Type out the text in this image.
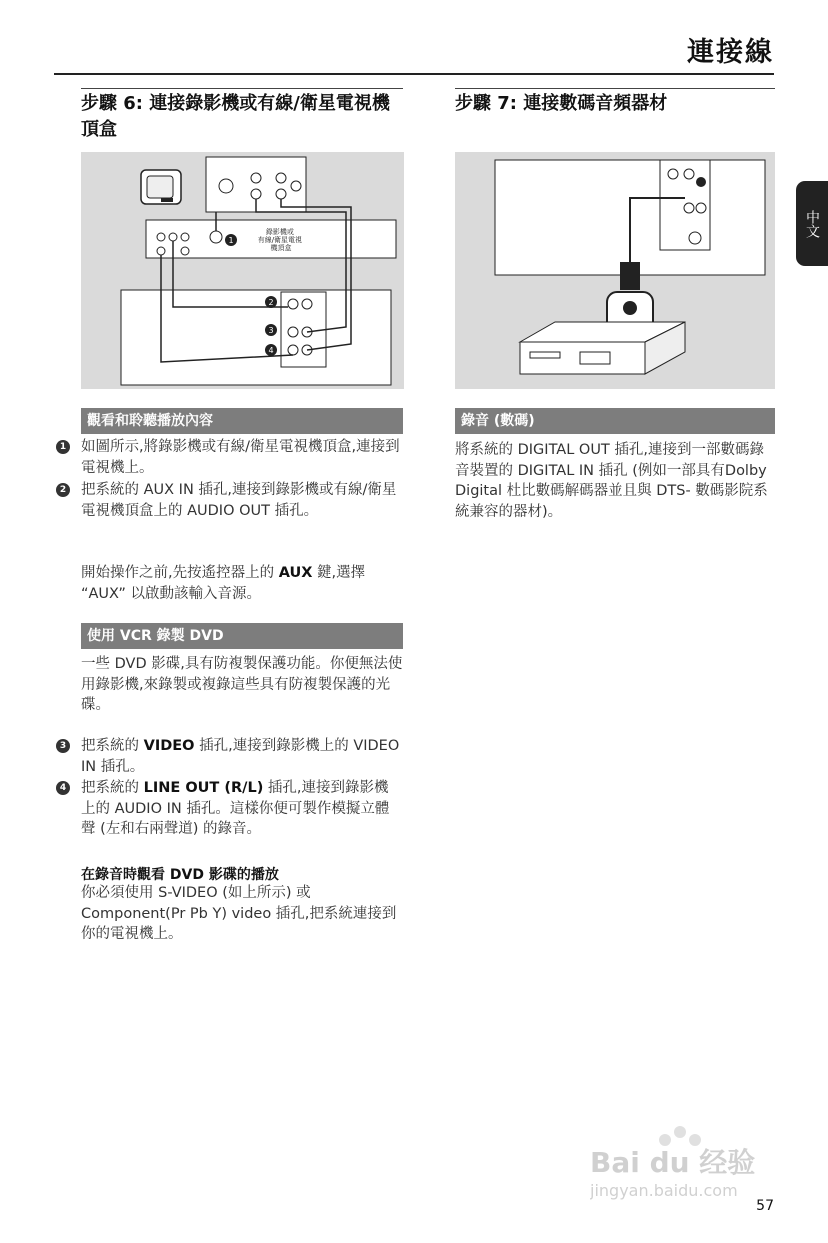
連接線
步驟 6: 連接錄影機或有線/衛星電視機頂盒
錄影機或 有線/衛星電視 機頂盒
1
2
3
4
觀看和聆聽播放內容
1 如圖所示,將錄影機或有線/衛星電視機頂盒,連接到電視機上。
2 把系統的 AUX IN 插孔,連接到錄影機或有線/衛星電視機頂盒上的 AUDIO OUT 插孔。
開始操作之前,先按遙控器上的 AUX 鍵,選擇 “AUX” 以啟動該輸入音源。
使用 VCR 錄製 DVD
一些 DVD 影碟,具有防複製保護功能。你便無法使用錄影機,來錄製或複錄這些具有防複製保護的光碟。
3 把系統的 VIDEO 插孔,連接到錄影機上的 VIDEO IN 插孔。
4 把系統的 LINE OUT (R/L) 插孔,連接到錄影機上的 AUDIO IN 插孔。這樣你便可製作模擬立體聲 (左和右兩聲道) 的錄音。
在錄音時觀看 DVD 影碟的播放
你必須使用 S-VIDEO (如上所示) 或 Component(Pr Pb Y) video 插孔,把系統連接到你的電視機上。
步驟 7: 連接數碼音頻器材
錄音 (數碼)
將系統的 DIGITAL OUT 插孔,連接到一部數碼錄音裝置的 DIGITAL IN 插孔 (例如一部具有Dolby Digital 杜比數碼解碼器並且與 DTS- 數碼影院系統兼容的器材)。
中文
Bai du 经验
jingyan.baidu.com
57
